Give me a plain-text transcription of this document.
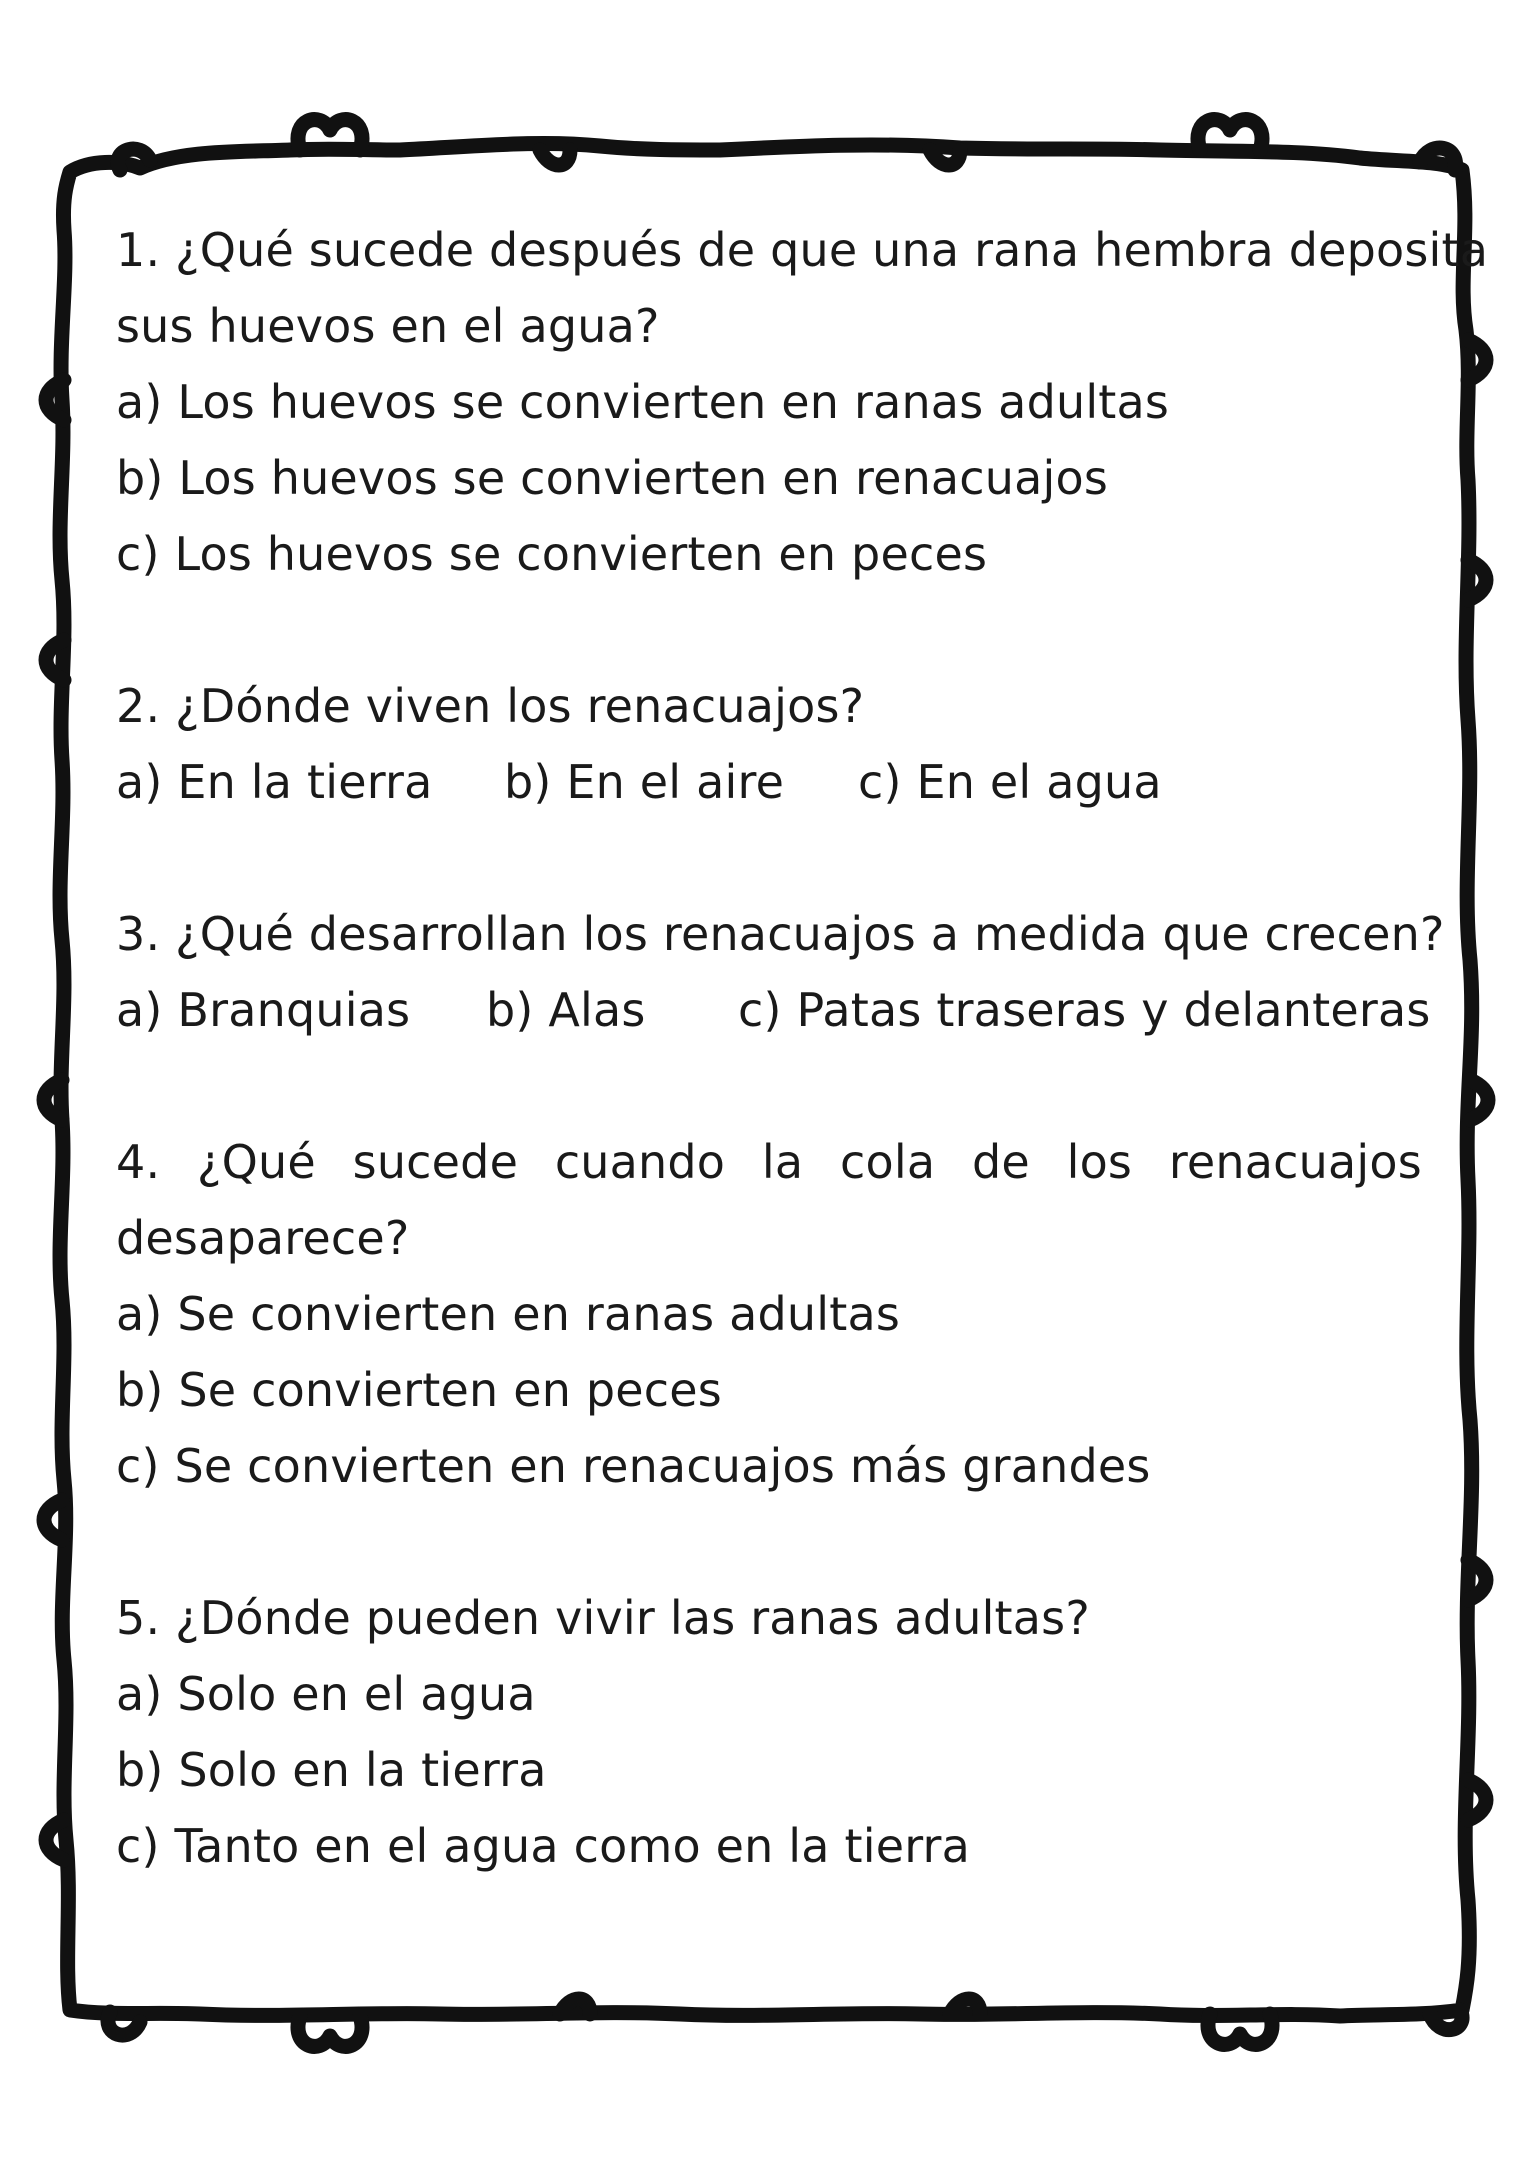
1. ¿Qué sucede después de que una rana hembra deposita
sus huevos en el agua?
a) Los huevos se convierten en ranas adultas
b) Los huevos se convierten en renacuajos
c) Los huevos se convierten en peces
2. ¿Dónde viven los renacuajos?
a) En la tierra b) En el aire c) En el agua
3. ¿Qué desarrollan los renacuajos a medida que crecen?
a) Branquias b) Alas c) Patas traseras y delanteras
4. ¿Qué sucede cuando la cola de los renacuajos
desaparece?
a) Se convierten en ranas adultas
b) Se convierten en peces
c) Se convierten en renacuajos más grandes
5. ¿Dónde pueden vivir las ranas adultas?
a) Solo en el agua
b) Solo en la tierra
c) Tanto en el agua como en la tierra
